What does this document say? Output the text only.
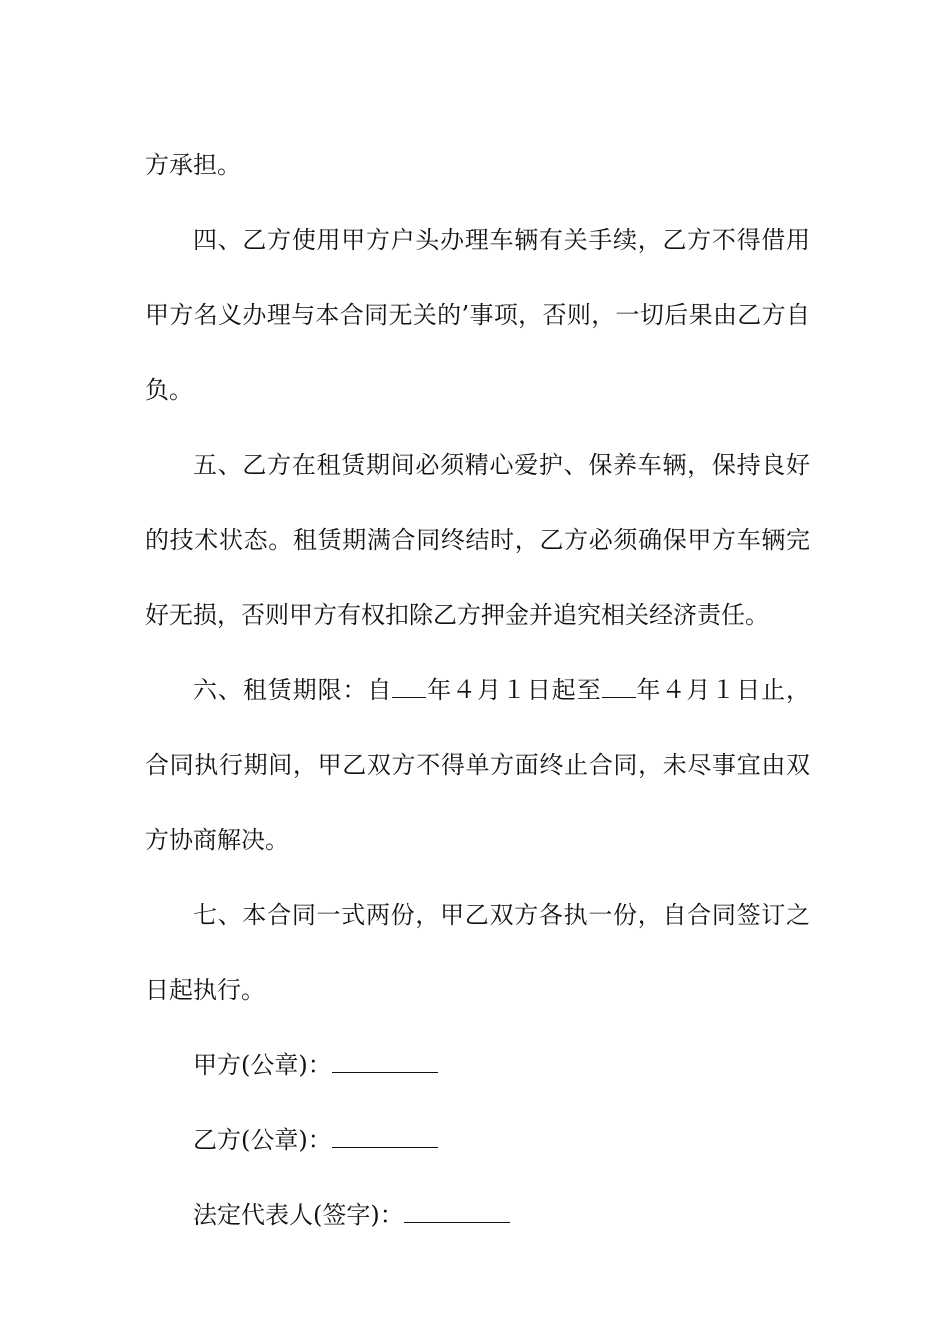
方承担。

四、乙方使用甲方户头办理车辆有关手续，乙方不得借用甲方名义办理与本合同无关的’事项，否则，一切后果由乙方自负。

五、乙方在租赁期间必须精心爱护、保养车辆，保持良好的技术状态。租赁期满合同终结时，乙方必须确保甲方车辆完好无损，否则甲方有权扣除乙方押金并追究相关经济责任。

六、租赁期限：自 年４月１日起至 年４月１日止，合同执行期间，甲乙双方不得单方面终止合同，未尽事宜由双方协商解决。

七、本合同一式两份，甲乙双方各执一份，自合同签订之日起执行。

甲方(公章)：

乙方(公章)：

法定代表人(签字)：
